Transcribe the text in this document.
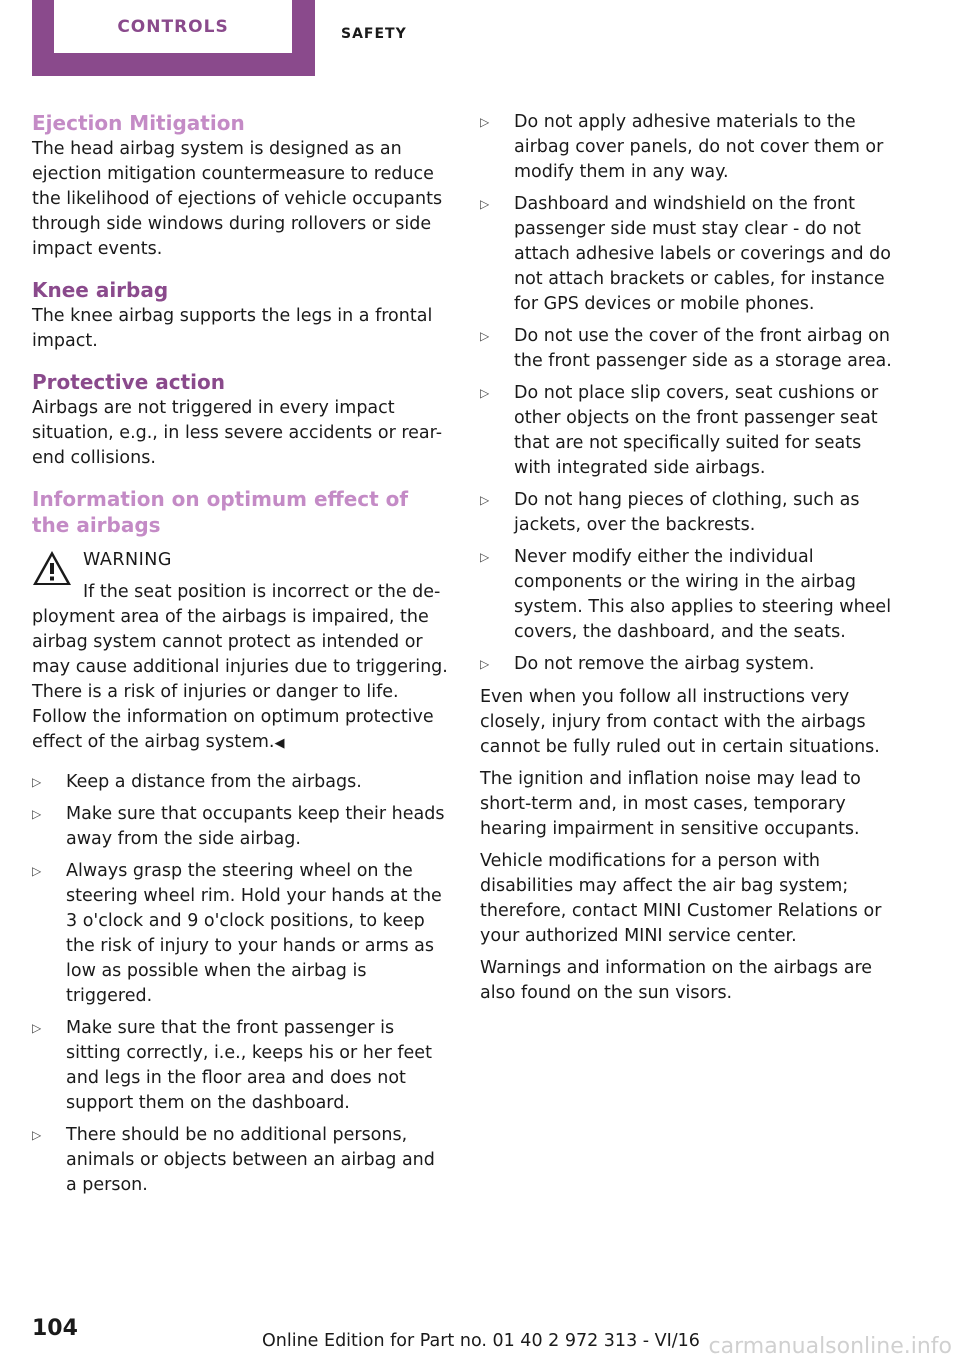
CONTROLS	SAFETY
Ejection Mitigation

The head airbag system is designed as an ejection mitigation countermeasure to reduce the likelihood of ejections of vehicle occupants through side windows during rollovers or side impact events.

Knee airbag

The knee airbag supports the legs in a frontal impact.

Protective action

Airbags are not triggered in every impact situation, e.g., in less severe accidents or rear-end collisions.

Information on optimum effect of the airbags
WARNING
If the seat position is incorrect or the de-
ployment area of the airbags is impaired, the airbag system cannot protect as intended or may cause additional injuries due to triggering. There is a risk of injuries or danger to life. Follow the information on optimum protective effect of the airbag system.◀
▷ Keep a distance from the airbags.
▷ Make sure that occupants keep their heads away from the side airbag.
▷ Always grasp the steering wheel on the steering wheel rim. Hold your hands at the 3 o'clock and 9 o'clock positions, to keep the risk of injury to your hands or arms as low as possible when the airbag is triggered.
▷ Make sure that the front passenger is sitting correctly, i.e., keeps his or her feet and legs in the floor area and does not support them on the dashboard.
▷ There should be no additional persons, animals or objects between an airbag and a person.
▷ Do not apply adhesive materials to the airbag cover panels, do not cover them or modify them in any way.
▷ Dashboard and windshield on the front passenger side must stay clear - do not attach adhesive labels or coverings and do not attach brackets or cables, for instance for GPS devices or mobile phones.
▷ Do not use the cover of the front airbag on the front passenger side as a storage area.
▷ Do not place slip covers, seat cushions or other objects on the front passenger seat that are not specifically suited for seats with integrated side airbags.
▷ Do not hang pieces of clothing, such as jackets, over the backrests.
▷ Never modify either the individual components or the wiring in the airbag system. This also applies to steering wheel covers, the dashboard, and the seats.
▷ Do not remove the airbag system.

Even when you follow all instructions very closely, injury from contact with the airbags cannot be fully ruled out in certain situations.

The ignition and inflation noise may lead to short-term and, in most cases, temporary hearing impairment in sensitive occupants.

Vehicle modifications for a person with disabilities may affect the air bag system; therefore, contact MINI Customer Relations or your authorized MINI service center.

Warnings and information on the airbags are also found on the sun visors.

104	Online Edition for Part no. 01 40 2 972 313 - VI/16 carmanualsonline.info
